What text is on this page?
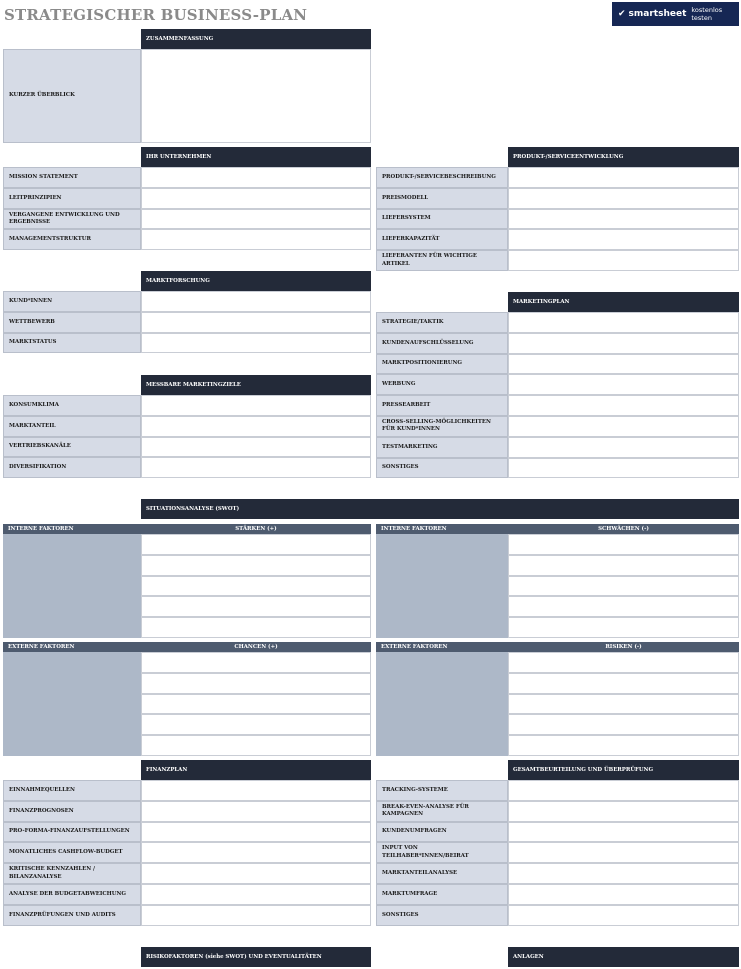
STRATEGISCHER BUSINESS-PLAN	✔ smartsheet kostenlos testen
ZUSAMMENFASSUNG
KURZER ÜBERBLICK
IHR UNTERNEHMEN
MISSION STATEMENT
LEITPRINZIPIEN
VERGANGENE ENTWICKLUNG UND ERGEBNISSE
MANAGEMENTSTRUKTUR
PRODUKT-/SERVICEENTWICKLUNG
PRODUKT-/SERVICEBESCHREIBUNG
PREISMODELL
LIEFERSYSTEM
LIEFERKAPAZITÄT
LIEFERANTEN FÜR WICHTIGE ARTIKEL
MARKTFORSCHUNG
KUND*INNEN
WETTBEWERB
MARKTSTATUS
MARKETINGPLAN
STRATEGIE/TAKTIK
KUNDENAUFSCHLÜSSELUNG
MARKTPOSITIONIERUNG
WERBUNG
PRESSEARBEIT
CROSS-SELLING-MÖGLICHKEITEN FÜR KUND*INNEN
TESTMARKETING
SONSTIGES
MESSBARE MARKETINGZIELE
KONSUMKLIMA
MARKTANTEIL
VERTRIEBSKANÄLE
DIVERSIFIKATION
SITUATIONSANALYSE (SWOT)
INTERNE FAKTOREN	STÄRKEN (+)	INTERNE FAKTOREN	SCHWÄCHEN (-)
EXTERNE FAKTOREN	CHANCEN (+)	EXTERNE FAKTOREN	RISIKEN (-)
FINANZPLAN
EINNAHMEQUELLEN
FINANZPROGNOSEN
PRO-FORMA-FINANZAUFSTELLUNGEN
MONATLICHES CASHFLOW-BUDGET
KRITISCHE KENNZAHLEN / BILANZANALYSE
ANALYSE DER BUDGETABWEICHUNG
FINANZPRÜFUNGEN UND AUDITS
GESAMTBEURTEILUNG UND ÜBERPRÜFUNG
TRACKING-SYSTEME
BREAK-EVEN-ANALYSE FÜR KAMPAGNEN
KUNDENUMFRAGEN
INPUT VON TEILHABER*INNEN/BEIRAT
MARKTANTEILANALYSE
MARKTUMFRAGE
SONSTIGES
RISIKOFAKTOREN (siehe SWOT) UND EVENTUALITÄTEN	ANLAGEN
